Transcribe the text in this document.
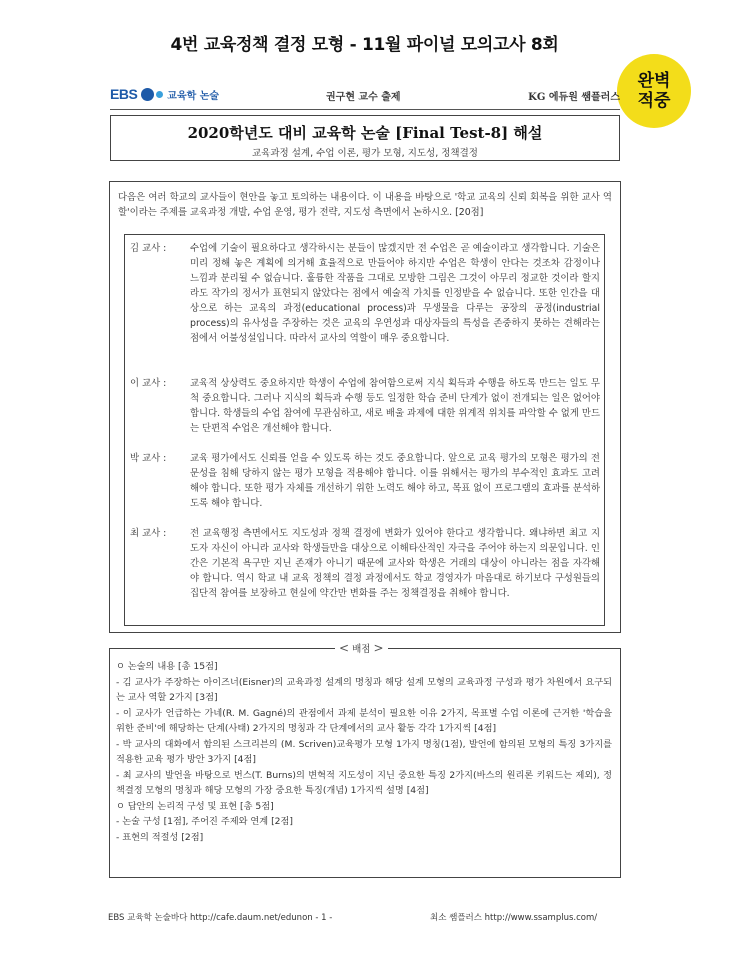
4번 교육정책 결정 모형 - 11월 파이널 모의고사 8회
완벽
적중
EBS	교육학 논술	권구현 교수 출제	KG 에듀원 쌤플러스
2020학년도 대비 교육학 논술 [Final Test-8] 해설
교육과정 설계, 수업 이론, 평가 모형, 지도성, 정책결정
다음은 여러 학교의 교사들이 현안을 놓고 토의하는 내용이다. 이 내용을 바탕으로 '학교 교육의 신뢰 회복을 위한 교사 역할'이라는 주제를 교육과정 개발, 수업 운영, 평가 전략, 지도성 측면에서 논하시오. [20점]
김 교사 :	수업에 기술이 필요하다고 생각하시는 분들이 많겠지만 전 수업은 곧 예술이라고 생각합니다. 기술은 미리 정해 놓은 계획에 의거해 효율적으로 만들어야 하지만 수업은 학생이 안다는 것조차 감정이나 느낌과 분리될 수 없습니다. 훌륭한 작품을 그대로 모방한 그림은 그것이 아무리 정교한 것이라 할지라도 작가의 정서가 표현되지 않았다는 점에서 예술적 가치를 인정받을 수 없습니다. 또한 인간을 대상으로 하는 교육의 과정(educational process)과 무생물을 다루는 공장의 공정(industrial process)의 유사성을 주장하는 것은 교육의 우연성과 대상자들의 특성을 존중하지 못하는 견해라는 점에서 어불성설입니다. 따라서 교사의 역할이 매우 중요합니다.
이 교사 :	교육적 상상력도 중요하지만 학생이 수업에 참여함으로써 지식 획득과 수행을 하도록 만드는 일도 무척 중요합니다. 그러나 지식의 획득과 수행 등도 일정한 학습 준비 단계가 없이 전개되는 일은 없어야 합니다. 학생들의 수업 참여에 무관심하고, 새로 배울 과제에 대한 위계적 위치를 파악할 수 없게 만드는 단편적 수업은 개선해야 합니다.
박 교사 :	교육 평가에서도 신뢰를 얻을 수 있도록 하는 것도 중요합니다. 앞으로 교육 평가의 모형은 평가의 전문성을 침해 당하지 않는 평가 모형을 적용해야 합니다. 이를 위해서는 평가의 부수적인 효과도 고려해야 합니다. 또한 평가 자체를 개선하기 위한 노력도 해야 하고, 목표 없이 프로그램의 효과를 분석하도록 해야 합니다.
최 교사 :	전 교육행정 측면에서도 지도성과 정책 결정에 변화가 있어야 한다고 생각합니다. 왜냐하면 최고 지도자 자신이 아니라 교사와 학생들만을 대상으로 이해타산적인 자극을 주어야 하는지 의문입니다. 인간은 기본적 욕구만 지닌 존재가 아니기 때문에 교사와 학생은 거래의 대상이 아니라는 점을 자각해야 합니다. 역시 학교 내 교육 정책의 결정 과정에서도 학교 경영자가 마음대로 하기보다 구성원들의 집단적 참여를 보장하고 현실에 약간만 변화를 주는 정책결정을 취해야 합니다.
< 배점 >
ㅇ 논술의 내용 [총 15점]
- 김 교사가 주장하는 아이즈너(Eisner)의 교육과정 설계의 명칭과 해당 설계 모형의 교육과정 구성과 평가 차원에서 요구되는 교사 역할 2가지 [3점]
- 이 교사가 언급하는 가네(R. M. Gagné)의 관점에서 과제 분석이 필요한 이유 2가지, 목표별 수업 이론에 근거한 '학습을 위한 준비'에 해당하는 단계(사태) 2가지의 명칭과 각 단계에서의 교사 활동 각각 1가지씩 [4점]
- 박 교사의 대화에서 함의된 스크리븐의 (M. Scriven)교육평가 모형 1가지 명칭(1점), 발언에 함의된 모형의 특징 3가지를 적용한 교육 평가 방안 3가지 [4점]
- 최 교사의 발언을 바탕으로 번스(T. Burns)의 변혁적 지도성이 지닌 중요한 특징 2가지(바스의 원리론 키워드는 제외), 정책결정 모형의 명칭과 해당 모형의 가장 중요한 특징(개념) 1가지씩 설명 [4점]
ㅇ 답안의 논리적 구성 및 표현 [총 5점]
- 논술 구성 [1점], 주어진 주제와 연계 [2점]
- 표현의 적절성 [2점]
EBS 교육학 논술바다 http://cafe.daum.net/edunon - 1 -	최소 쌤플러스 http://www.ssamplus.com/
